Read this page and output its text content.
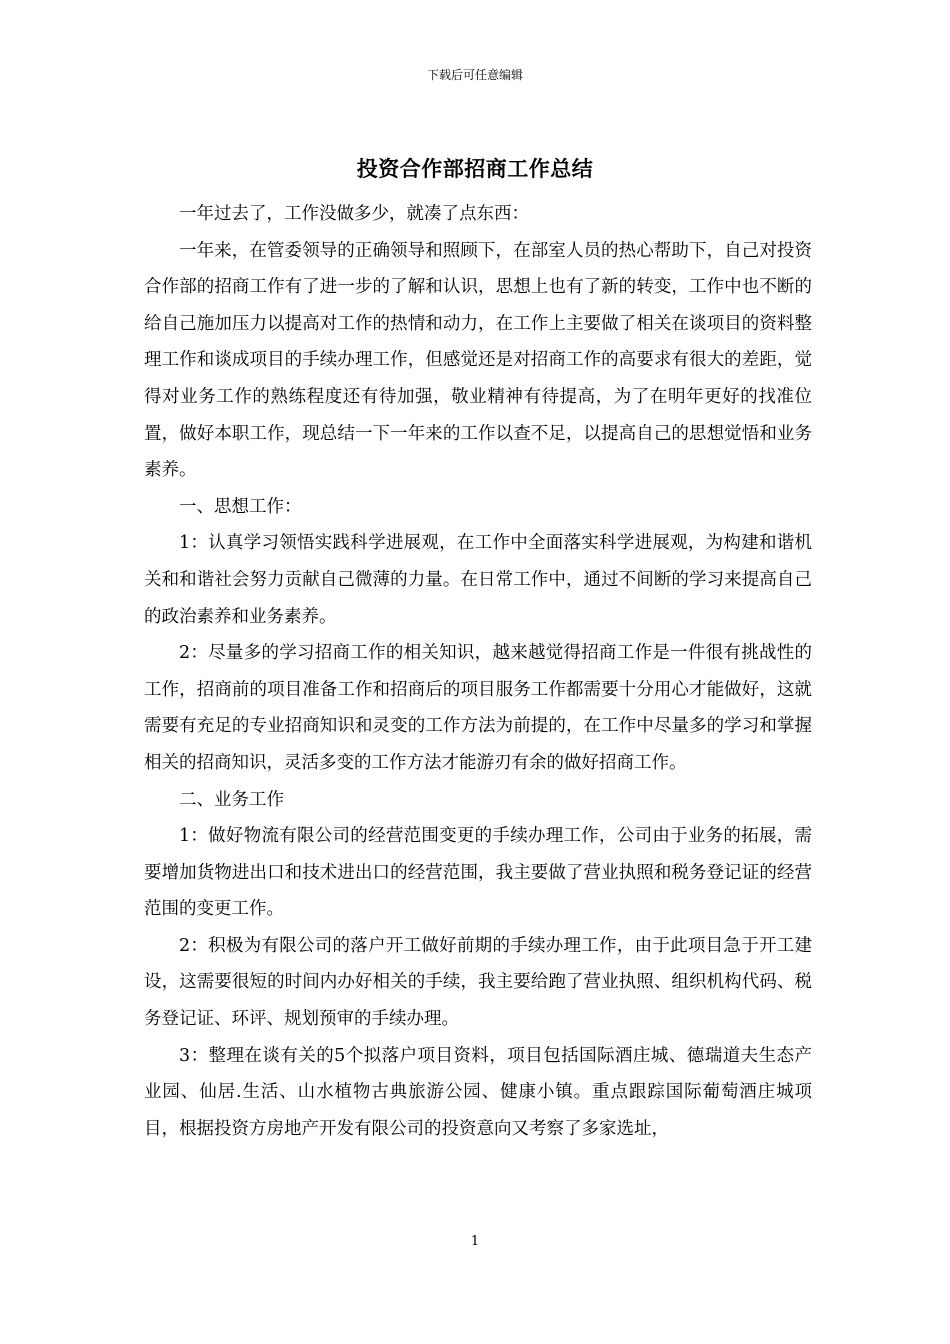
下载后可任意编辑
投资合作部招商工作总结

一年过去了，工作没做多少，就凑了点东西：

一年来，在管委领导的正确领导和照顾下，在部室人员的热心帮助下，自己对投资合作部的招商工作有了进一步的了解和认识，思想上也有了新的转变，工作中也不断的给自己施加压力以提高对工作的热情和动力，在工作上主要做了相关在谈项目的资料整理工作和谈成项目的手续办理工作，但感觉还是对招商工作的高要求有很大的差距，觉得对业务工作的熟练程度还有待加强，敬业精神有待提高，为了在明年更好的找准位置，做好本职工作，现总结一下一年来的工作以查不足，以提高自己的思想觉悟和业务素养。

一、思想工作：

1：认真学习领悟实践科学进展观，在工作中全面落实科学进展观，为构建和谐机关和和谐社会努力贡献自己微薄的力量。在日常工作中，通过不间断的学习来提高自己的政治素养和业务素养。

2：尽量多的学习招商工作的相关知识，越来越觉得招商工作是一件很有挑战性的工作，招商前的项目准备工作和招商后的项目服务工作都需要十分用心才能做好，这就需要有充足的专业招商知识和灵变的工作方法为前提的，在工作中尽量多的学习和掌握相关的招商知识，灵活多变的工作方法才能游刃有余的做好招商工作。

二、业务工作

1：做好物流有限公司的经营范围变更的手续办理工作，公司由于业务的拓展，需要增加货物进出口和技术进出口的经营范围，我主要做了营业执照和税务登记证的经营范围的变更工作。

2：积极为有限公司的落户开工做好前期的手续办理工作，由于此项目急于开工建设，这需要很短的时间内办好相关的手续，我主要给跑了营业执照、组织机构代码、税务登记证、环评、规划预审的手续办理。

3：整理在谈有关的5个拟落户项目资料，项目包括国际酒庄城、德瑞道夫生态产业园、仙居.生活、山水植物古典旅游公园、健康小镇。重点跟踪国际葡萄酒庄城项目，根据投资方房地产开发有限公司的投资意向又考察了多家选址，

1
